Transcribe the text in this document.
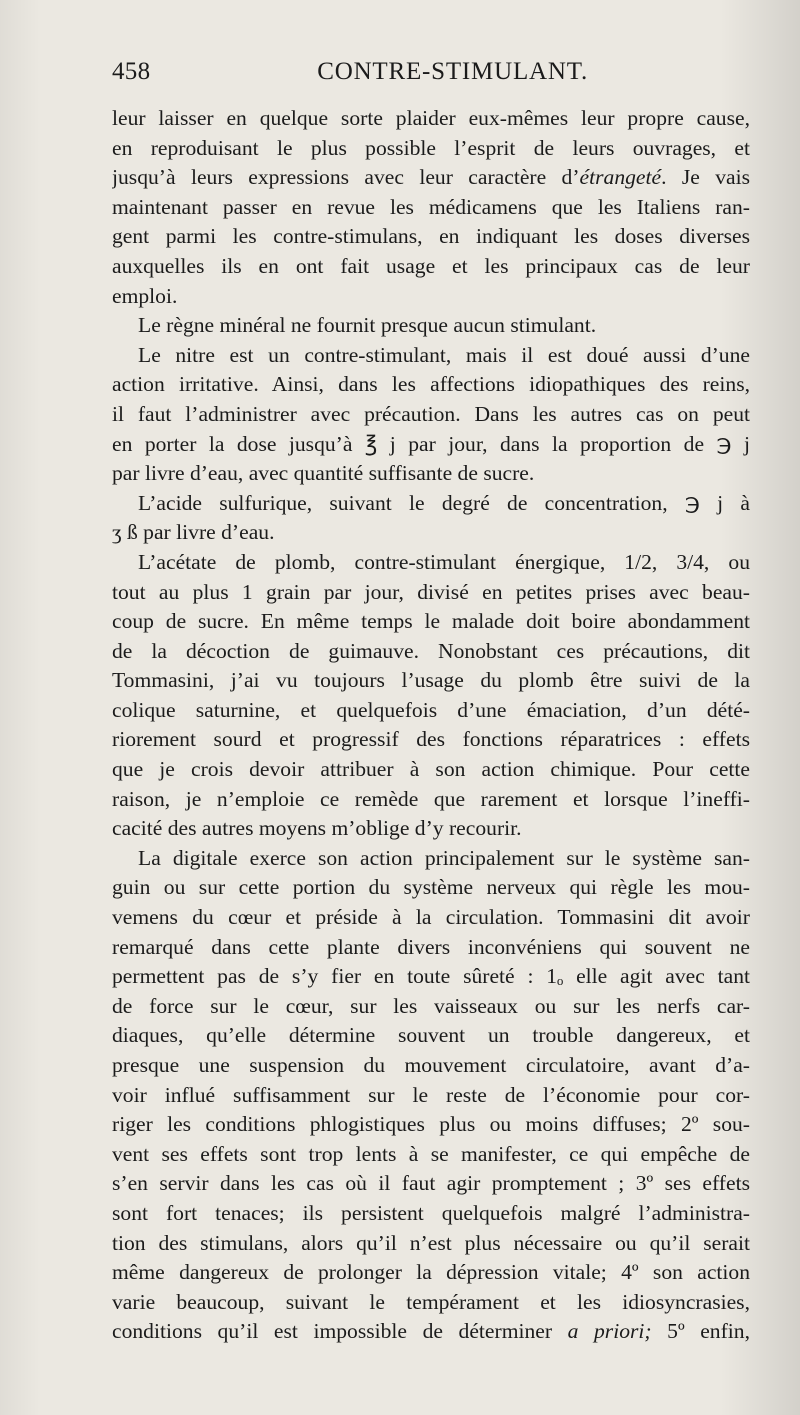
458	CONTRE-STIMULANT.
leur laisser en quelque sorte plaider eux-mêmes leur propre cause,
en reproduisant le plus possible l’esprit de leurs ouvrages, et
jusqu’à leurs expressions avec leur caractère d’étrangeté. Je vais
maintenant passer en revue les médicamens que les Italiens ran-
gent parmi les contre-stimulans, en indiquant les doses diverses
auxquelles ils en ont fait usage et les principaux cas de leur
emploi.
Le règne minéral ne fournit presque aucun stimulant.
Le nitre est un contre-stimulant, mais il est doué aussi d’une
action irritative. Ainsi, dans les affections idiopathiques des reins,
il faut l’administrer avec précaution. Dans les autres cas on peut
en porter la dose jusqu’à ℥ j par jour, dans la proportion de ℈ j
par livre d’eau, avec quantité suffisante de sucre.
L’acide sulfurique, suivant le degré de concentration, ℈ j à
ʒ ß par livre d’eau.
L’acétate de plomb, contre-stimulant énergique, 1/2, 3/4, ou
tout au plus 1 grain par jour, divisé en petites prises avec beau-
coup de sucre. En même temps le malade doit boire abondamment
de la décoction de guimauve. Nonobstant ces précautions, dit
Tommasini, j’ai vu toujours l’usage du plomb être suivi de la
colique saturnine, et quelquefois d’une émaciation, d’un dété-
riorement sourd et progressif des fonctions réparatrices : effets
que je crois devoir attribuer à son action chimique. Pour cette
raison, je n’emploie ce remède que rarement et lorsque l’ineffi-
cacité des autres moyens m’oblige d’y recourir.
La digitale exerce son action principalement sur le système san-
guin ou sur cette portion du système nerveux qui règle les mou-
vemens du cœur et préside à la circulation. Tommasini dit avoir
remarqué dans cette plante divers inconvéniens qui souvent ne
permettent pas de s’y fier en toute sûreté : 1ₒ elle agit avec tant
de force sur le cœur, sur les vaisseaux ou sur les nerfs car-
diaques, qu’elle détermine souvent un trouble dangereux, et
presque une suspension du mouvement circulatoire, avant d’a-
voir influé suffisamment sur le reste de l’économie pour cor-
riger les conditions phlogistiques plus ou moins diffuses; 2º sou-
vent ses effets sont trop lents à se manifester, ce qui empêche de
s’en servir dans les cas où il faut agir promptement ; 3º ses effets
sont fort tenaces; ils persistent quelquefois malgré l’administra-
tion des stimulans, alors qu’il n’est plus nécessaire ou qu’il serait
même dangereux de prolonger la dépression vitale; 4º son action
varie beaucoup, suivant le tempérament et les idiosyncrasies,
conditions qu’il est impossible de déterminer a priori; 5º enfin,
